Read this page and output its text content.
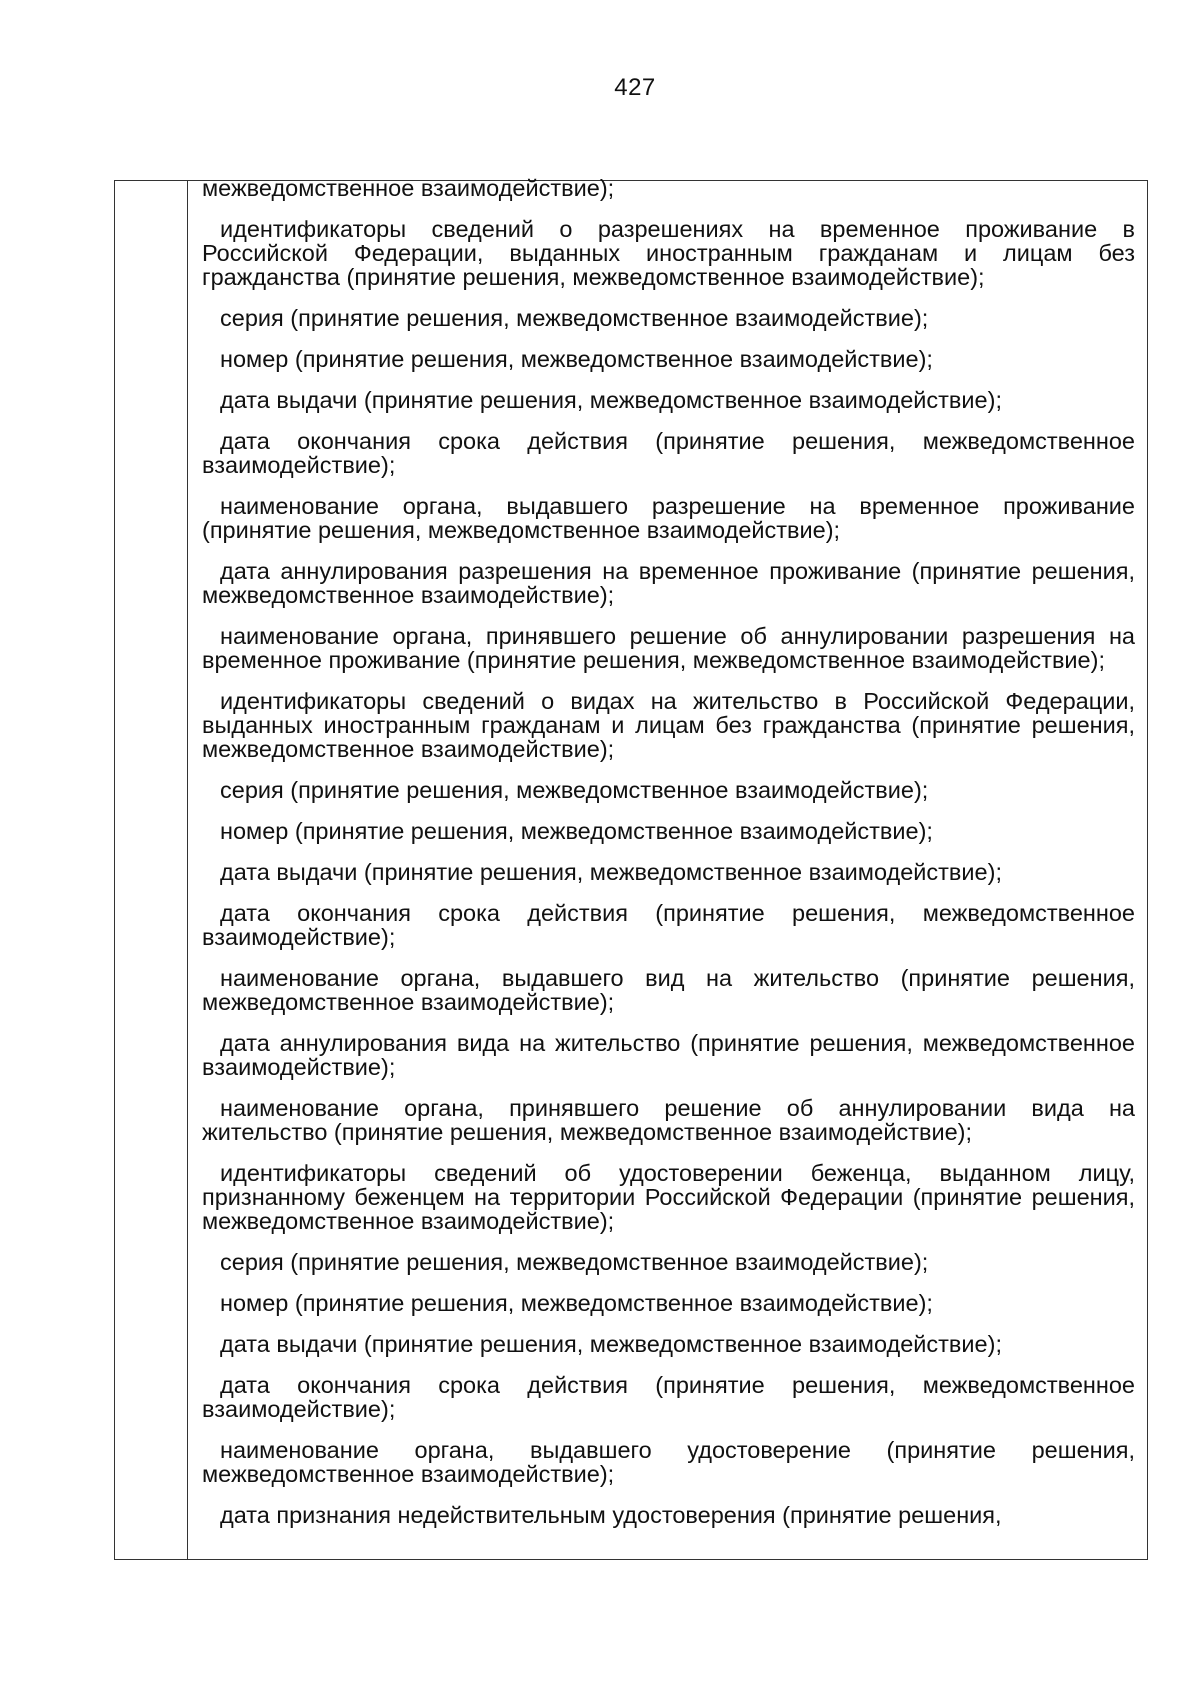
427

межведомственное взаимодействие);

идентификаторы сведений о разрешениях на временное проживание в Российской Федерации, выданных иностранным гражданам и лицам без гражданства (принятие решения, межведомственное взаимодействие);

серия (принятие решения, межведомственное взаимодействие);

номер (принятие решения, межведомственное взаимодействие);

дата выдачи (принятие решения, межведомственное взаимодействие);

дата окончания срока действия (принятие решения, межведомственное взаимодействие);

наименование органа, выдавшего разрешение на временное проживание (принятие решения, межведомственное взаимодействие);

дата аннулирования разрешения на временное проживание (принятие решения, межведомственное взаимодействие);

наименование органа, принявшего решение об аннулировании разрешения на временное проживание (принятие решения, межведомственное взаимодействие);

идентификаторы сведений о видах на жительство в Российской Федерации, выданных иностранным гражданам и лицам без гражданства (принятие решения, межведомственное взаимодействие);

серия (принятие решения, межведомственное взаимодействие);

номер (принятие решения, межведомственное взаимодействие);

дата выдачи (принятие решения, межведомственное взаимодействие);

дата окончания срока действия (принятие решения, межведомственное взаимодействие);

наименование органа, выдавшего вид на жительство (принятие решения, межведомственное взаимодействие);

дата аннулирования вида на жительство (принятие решения, межведомственное взаимодействие);

наименование органа, принявшего решение об аннулировании вида на жительство (принятие решения, межведомственное взаимодействие);

идентификаторы сведений об удостоверении беженца, выданном лицу, признанному беженцем на территории Российской Федерации (принятие решения, межведомственное взаимодействие);

серия (принятие решения, межведомственное взаимодействие);

номер (принятие решения, межведомственное взаимодействие);

дата выдачи (принятие решения, межведомственное взаимодействие);

дата окончания срока действия (принятие решения, межведомственное взаимодействие);

наименование органа, выдавшего удостоверение (принятие решения, межведомственное взаимодействие);

дата признания недействительным удостоверения (принятие решения,
